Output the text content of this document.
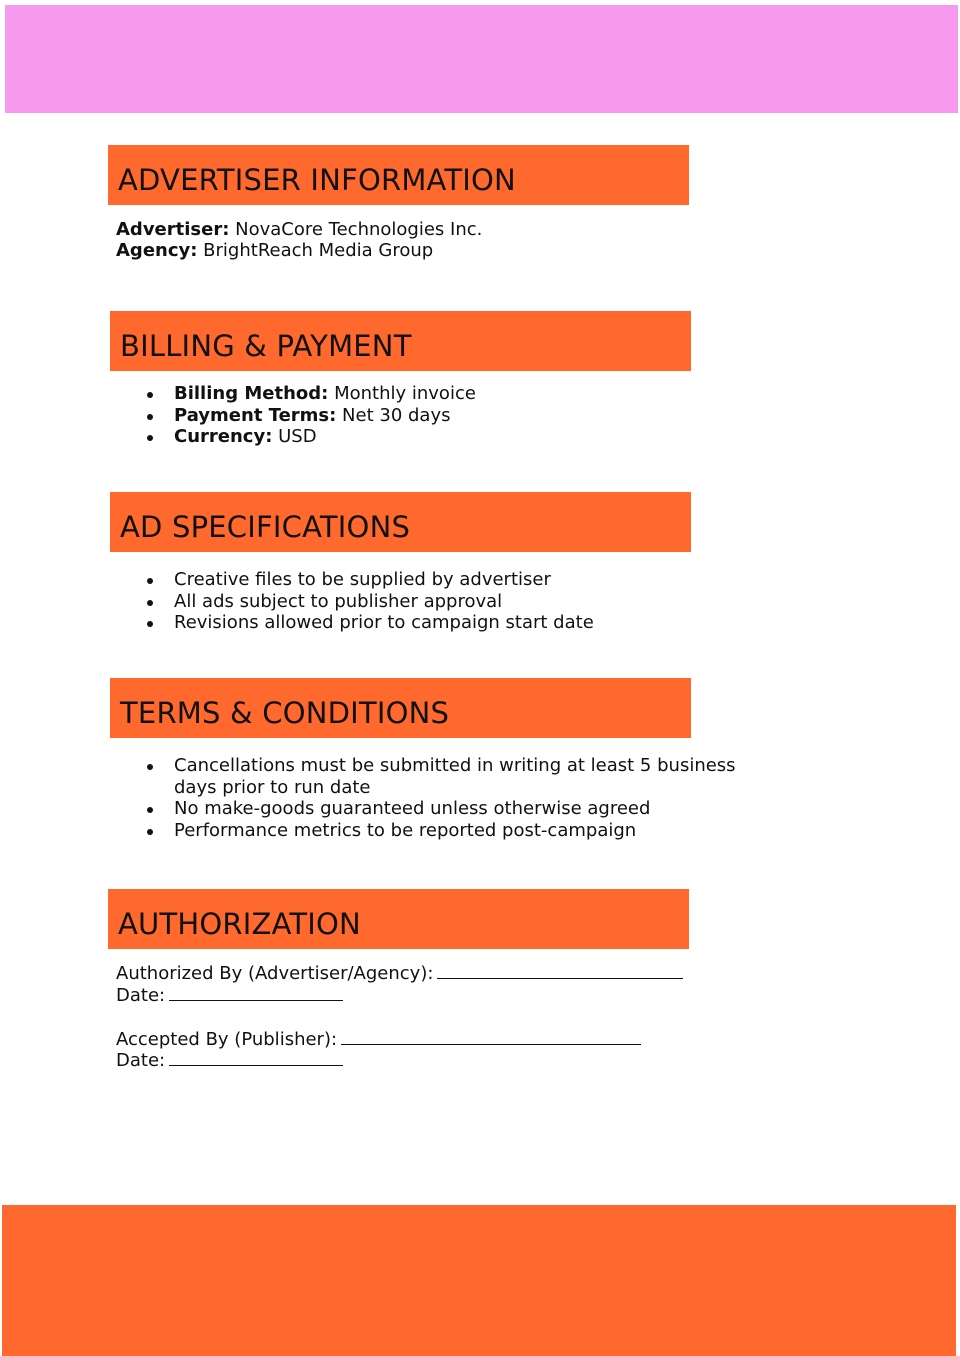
ADVERTISER INFORMATION
Advertiser: NovaCore Technologies Inc.
Agency: BrightReach Media Group
BILLING & PAYMENT
Billing Method: Monthly invoice
Payment Terms: Net 30 days
Currency: USD
AD SPECIFICATIONS
Creative files to be supplied by advertiser
All ads subject to publisher approval
Revisions allowed prior to campaign start date
TERMS & CONDITIONS
Cancellations must be submitted in writing at least 5 business
days prior to run date
No make-goods guaranteed unless otherwise agreed
Performance metrics to be reported post-campaign
AUTHORIZATION
Authorized By (Advertiser/Agency):
Date:
Accepted By (Publisher):
Date:
